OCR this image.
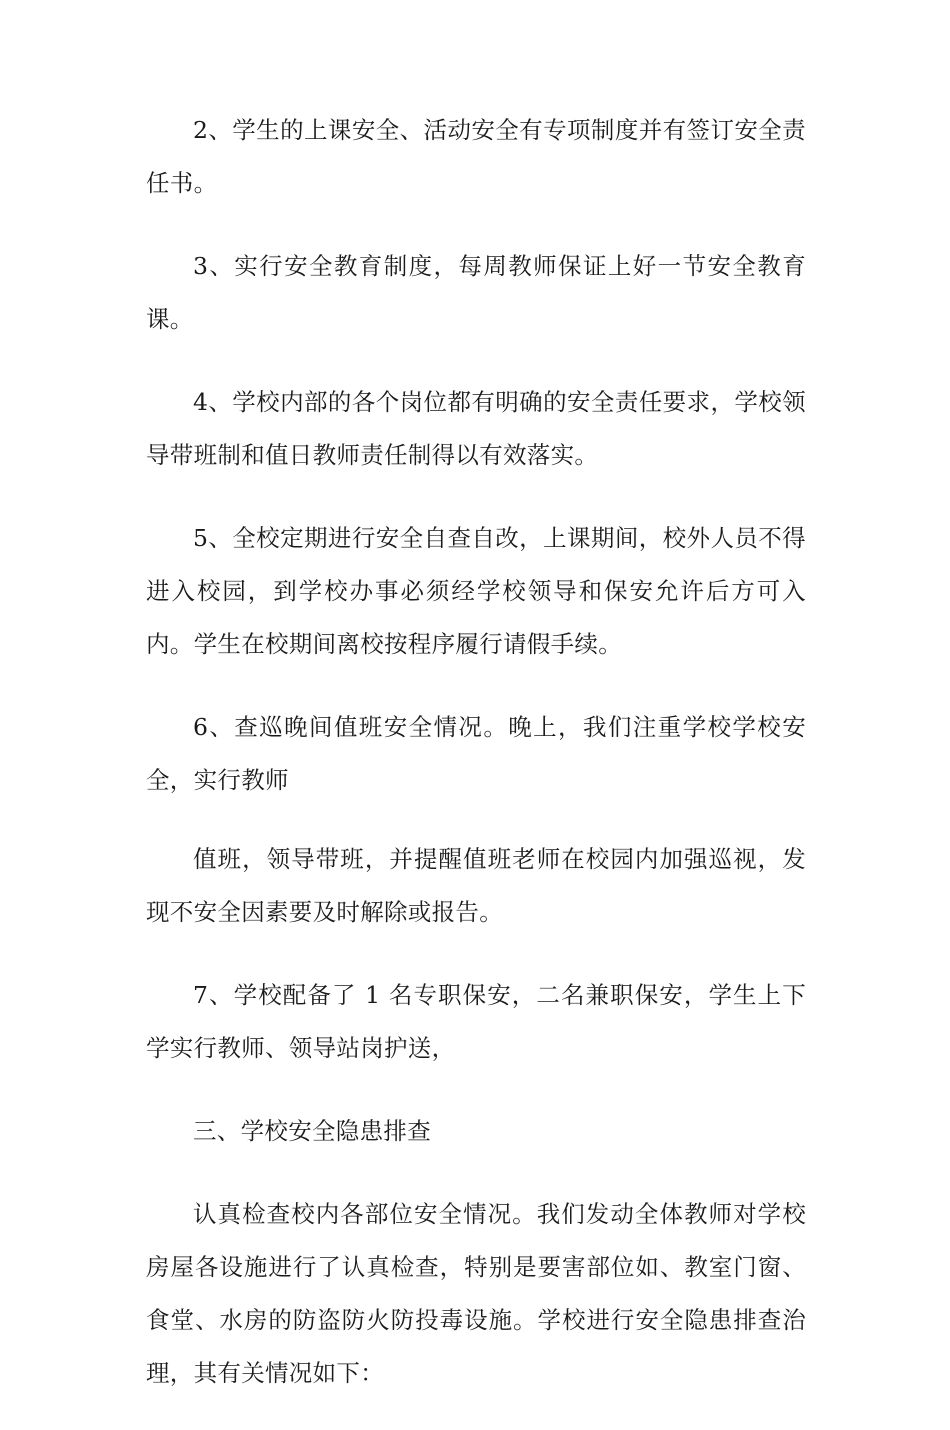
2、学生的上课安全、活动安全有专项制度并有签订安全责任书。

3、实行安全教育制度，每周教师保证上好一节安全教育课。

4、学校内部的各个岗位都有明确的安全责任要求，学校领导带班制和值日教师责任制得以有效落实。

5、全校定期进行安全自查自改，上课期间，校外人员不得进入校园，到学校办事必须经学校领导和保安允许后方可入内。学生在校期间离校按程序履行请假手续。

6、查巡晚间值班安全情况。晚上，我们注重学校学校安全，实行教师

值班，领导带班，并提醒值班老师在校园内加强巡视，发现不安全因素要及时解除或报告。

7、学校配备了 1 名专职保安，二名兼职保安，学生上下学实行教师、领导站岗护送，

三、学校安全隐患排查

认真检查校内各部位安全情况。我们发动全体教师对学校房屋各设施进行了认真检查，特别是要害部位如、教室门窗、食堂、水房的防盗防火防投毒设施。学校进行安全隐患排查治理，其有关情况如下：
